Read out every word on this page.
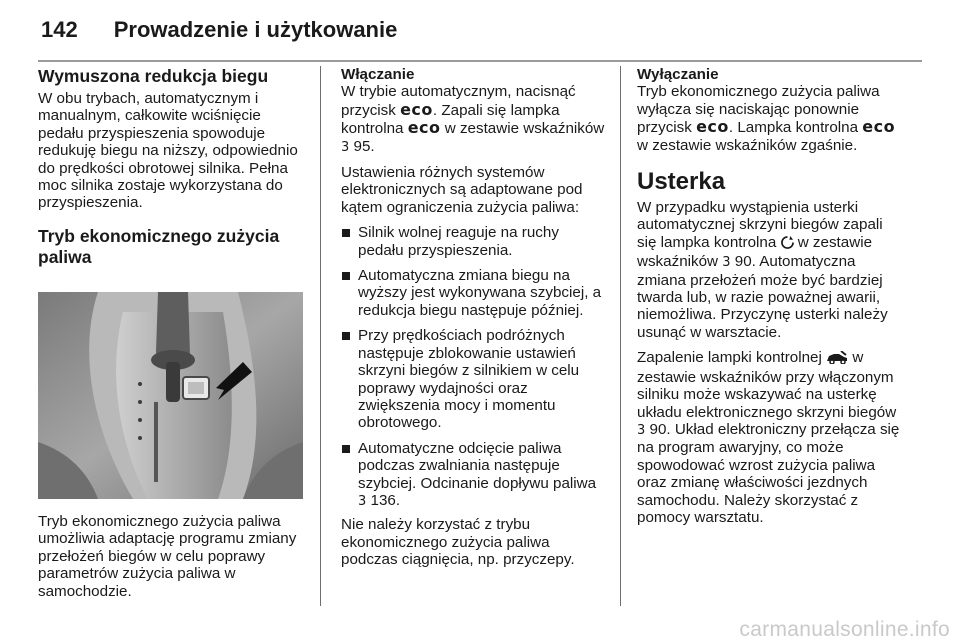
142 Prowadzenie i użytkowanie
Wymuszona redukcja biegu

W obu trybach, automatycznym i manualnym, całkowite wciśnięcie pedału przyspieszenia spowoduje redukuję biegu na niższy, odpowiednio do prędkości obrotowej silnika. Pełna moc silnika zostaje wykorzystana do przyspieszenia.

Tryb ekonomicznego zużycia paliwa

Tryb ekonomicznego zużycia paliwa umożliwia adaptację programu zmiany przełożeń biegów w celu poprawy parametrów zużycia paliwa w samochodzie.

Włączanie

W trybie automatycznym, nacisnąć przycisk eco. Zapali się lampka kontrolna eco w zestawie wskaźników 3 95.

Ustawienia różnych systemów elektronicznych są adaptowane pod kątem ograniczenia zużycia paliwa:

Silnik wolnej reaguje na ruchy pedału przyspieszenia.
Automatyczna zmiana biegu na wyższy jest wykonywana szybciej, a redukcja biegu następuje później.
Przy prędkościach podróżnych następuje zblokowanie ustawień skrzyni biegów z silnikiem w celu poprawy wydajności oraz zwiększenia mocy i momentu obrotowego.
Automatyczne odcięcie paliwa podczas zwalniania następuje szybciej. Odcinanie dopływu paliwa 3 136.

Nie należy korzystać z trybu ekonomicznego zużycia paliwa podczas ciągnięcia, np. przyczepy.

Wyłączanie

Tryb ekonomicznego zużycia paliwa wyłącza się naciskając ponownie przycisk eco. Lampka kontrolna eco w zestawie wskaźników zgaśnie.

Usterka

W przypadku wystąpienia usterki automatycznej skrzyni biegów zapali się lampka kontrolna  w zestawie wskaźników 3 90. Automatyczna zmiana przełożeń może być bardziej twarda lub, w razie poważnej awarii, niemożliwa. Przyczynę usterki należy usunąć w warsztacie.

Zapalenie lampki kontrolnej  w zestawie wskaźników przy włączonym silniku może wskazywać na usterkę układu elektronicznego skrzyni biegów 3 90. Układ elektroniczny przełącza się na program awaryjny, co może spowodować wzrost zużycia paliwa oraz zmianę właściwości jezdnych samochodu. Należy skorzystać z pomocy warsztatu.

carmanualsonline.info
